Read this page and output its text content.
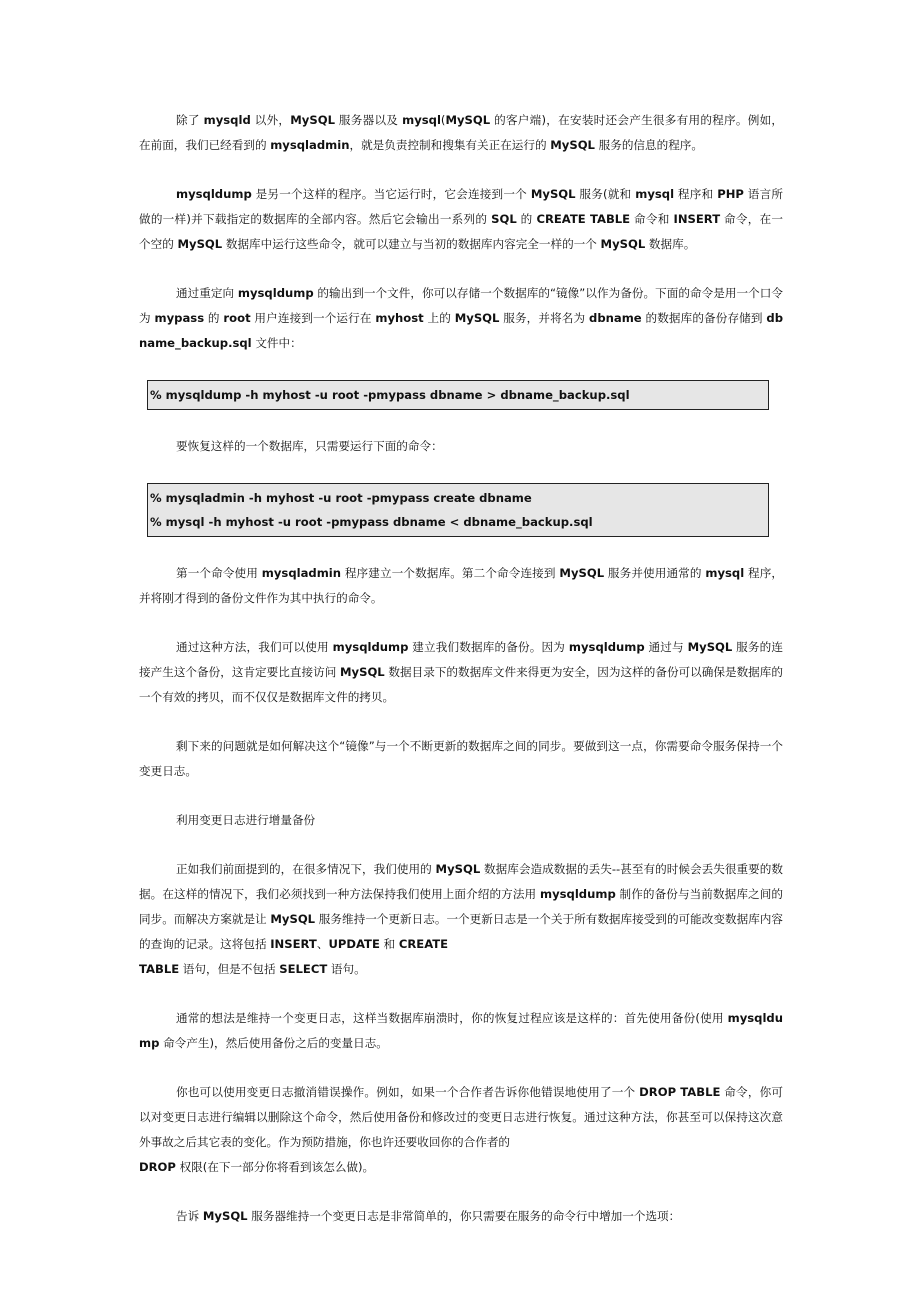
除了 mysqld 以外，MySQL 服务器以及 mysql(MySQL 的客户端)，在安装时还会产生很多有用的程序。例如，在前面，我们已经看到的 mysqladmin，就是负责控制和搜集有关正在运行的 MySQL 服务的信息的程序。

mysqldump 是另一个这样的程序。当它运行时，它会连接到一个 MySQL 服务(就和 mysql 程序和 PHP 语言所做的一样)并下载指定的数据库的全部内容。然后它会输出一系列的 SQL 的 CREATE TABLE 命令和 INSERT 命令，在一个空的 MySQL 数据库中运行这些命令，就可以建立与当初的数据库内容完全一样的一个 MySQL 数据库。

通过重定向 mysqldump 的输出到一个文件，你可以存储一个数据库的“镜像”以作为备份。下面的命令是用一个口令为 mypass 的 root 用户连接到一个运行在 myhost 上的 MySQL 服务，并将名为 dbname 的数据库的备份存储到 dbname_backup.sql 文件中：

% mysqldump -h myhost -u root -pmypass dbname > dbname_backup.sql

要恢复这样的一个数据库，只需要运行下面的命令：

% mysqladmin -h myhost -u root -pmypass create dbname
% mysql -h myhost -u root -pmypass dbname < dbname_backup.sql

第一个命令使用 mysqladmin 程序建立一个数据库。第二个命令连接到 MySQL 服务并使用通常的 mysql 程序，并将刚才得到的备份文件作为其中执行的命令。

通过这种方法，我们可以使用 mysqldump 建立我们数据库的备份。因为 mysqldump 通过与 MySQL 服务的连接产生这个备份，这肯定要比直接访问 MySQL 数据目录下的数据库文件来得更为安全，因为这样的备份可以确保是数据库的一个有效的拷贝，而不仅仅是数据库文件的拷贝。

剩下来的问题就是如何解决这个“镜像”与一个不断更新的数据库之间的同步。要做到这一点，你需要命令服务保持一个变更日志。

利用变更日志进行增量备份

正如我们前面提到的，在很多情况下，我们使用的 MySQL 数据库会造成数据的丢失--甚至有的时候会丢失很重要的数据。在这样的情况下，我们必须找到一种方法保持我们使用上面介绍的方法用 mysqldump 制作的备份与当前数据库之间的同步。而解决方案就是让 MySQL 服务维持一个更新日志。一个更新日志是一个关于所有数据库接受到的可能改变数据库内容的查询的记录。这将包括 INSERT、UPDATE 和 CREATE

TABLE 语句，但是不包括 SELECT 语句。

通常的想法是维持一个变更日志，这样当数据库崩溃时，你的恢复过程应该是这样的：首先使用备份(使用 mysqldump 命令产生)，然后使用备份之后的变量日志。

你也可以使用变更日志撤消错误操作。例如，如果一个合作者告诉你他错误地使用了一个 DROP TABLE 命令，你可以对变更日志进行编辑以删除这个命令，然后使用备份和修改过的变更日志进行恢复。通过这种方法，你甚至可以保持这次意外事故之后其它表的变化。作为预防措施，你也许还要收回你的合作者的

DROP 权限(在下一部分你将看到该怎么做)。

告诉 MySQL 服务器维持一个变更日志是非常简单的，你只需要在服务的命令行中增加一个选项：
